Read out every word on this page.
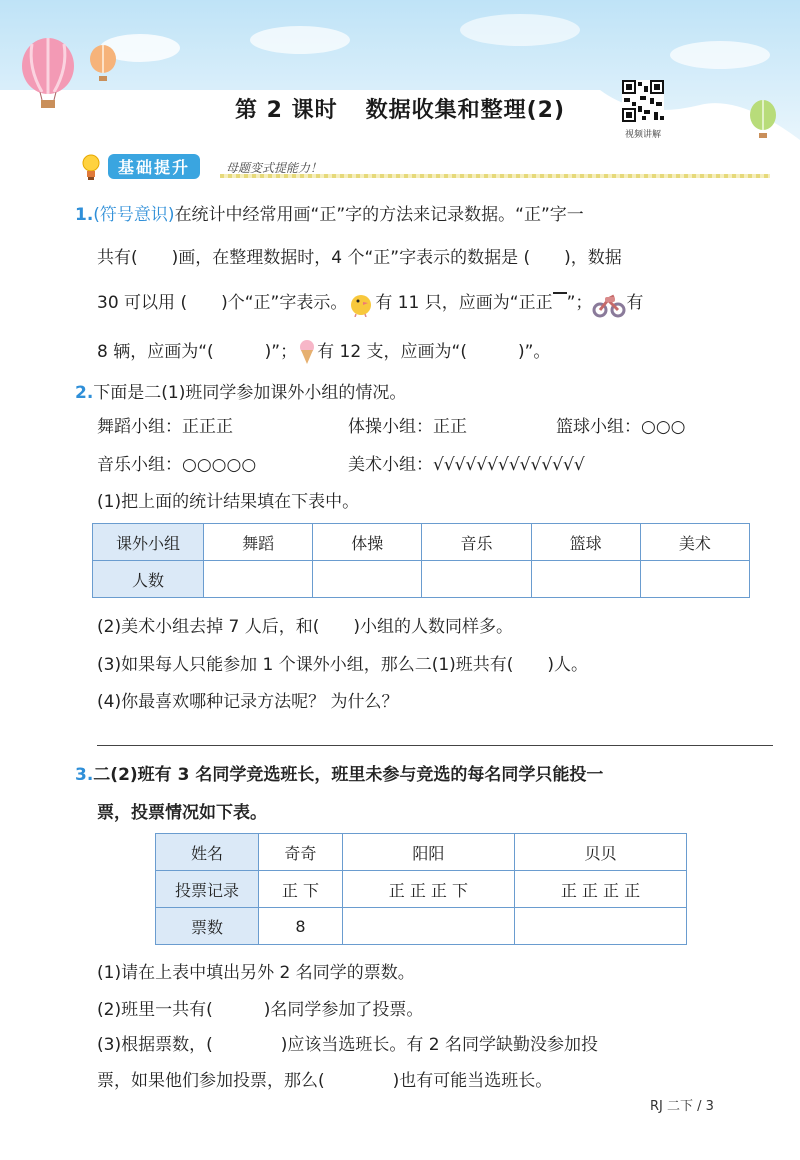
第 2 课时 数据收集和整理(2)
视频讲解
基础提升	母题变式提能力！
1.(符号意识)在统计中经常用画“正”字的方法来记录数据。“正”字一
共有(　　)画，在整理数据时，4 个“正”字表示的数据是 (　　)，数据
30 可以用 (　　)个“正”字表示。 有 11 只，应画为“正正 ”； 有
8 辆，应画为“(　　　)”； 有 12 支，应画为“(　　　)”。
2.下面是二(1)班同学参加课外小组的情况。
舞蹈小组：正正正	体操小组：正正	篮球小组：○○○
音乐小组：○○○○○	美术小组：√√√√√√√√√√√√√√
(1)把上面的统计结果填在下表中。
课外小组	舞蹈	体操	音乐	篮球	美术
人数					
(2)美术小组去掉 7 人后，和(　　)小组的人数同样多。
(3)如果每人只能参加 1 个课外小组，那么二(1)班共有(　　)人。
(4)你最喜欢哪种记录方法呢？ 为什么？
3.二(2)班有 3 名同学竞选班长，班里未参与竞选的每名同学只能投一
票，投票情况如下表。
姓名	奇奇	阳阳	贝贝
投票记录	正 下	正 正 正 下	正 正 正 正
票数	8		
(1)请在上表中填出另外 2 名同学的票数。
(2)班里一共有(　　　)名同学参加了投票。
(3)根据票数，(　　　　)应该当选班长。有 2 名同学缺勤没参加投
票，如果他们参加投票，那么(　　　　)也有可能当选班长。
RJ 二下 / 3
